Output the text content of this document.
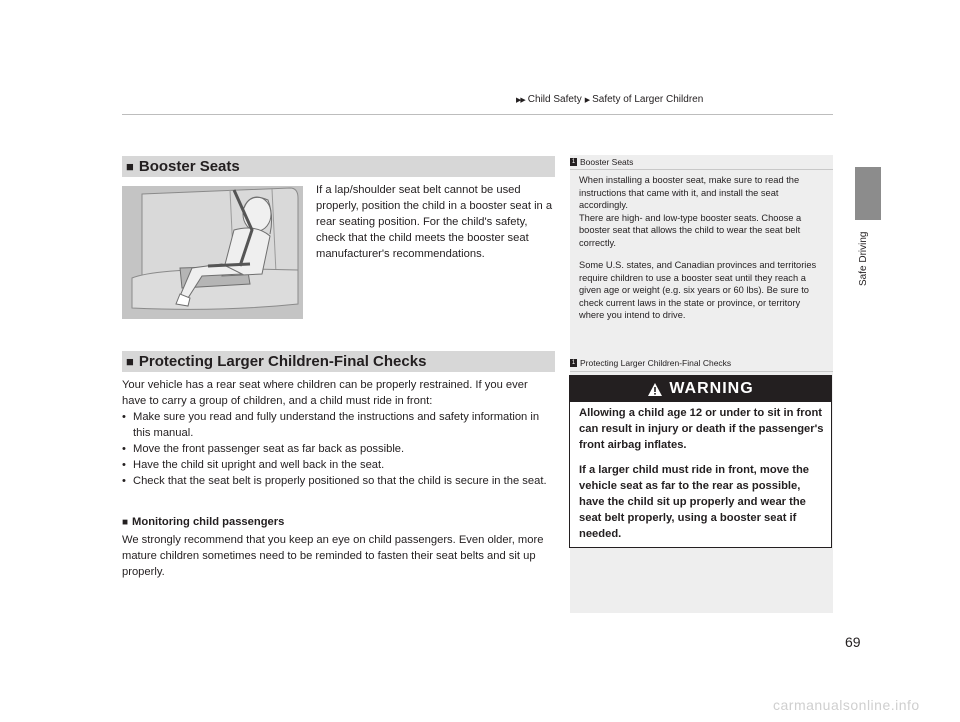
▶▶ Child Safety ▶ Safety of Larger Children
Safe Driving
■ Booster Seats
If a lap/shoulder seat belt cannot be used properly, position the child in a booster seat in a rear seating position. For the child's safety, check that the child meets the booster seat manufacturer's recommendations.
■ Protecting Larger Children-Final Checks
Your vehicle has a rear seat where children can be properly restrained. If you ever have to carry a group of children, and a child must ride in front:
• Make sure you read and fully understand the instructions and safety information in this manual.
• Move the front passenger seat as far back as possible.
• Have the child sit upright and well back in the seat.
• Check that the seat belt is properly positioned so that the child is secure in the seat.
■ Monitoring child passengers
We strongly recommend that you keep an eye on child passengers. Even older, more mature children sometimes need to be reminded to fasten their seat belts and sit up properly.
1 Booster Seats

When installing a booster seat, make sure to read the instructions that came with it, and install the seat accordingly.
There are high- and low-type booster seats. Choose a booster seat that allows the child to wear the seat belt correctly.

Some U.S. states, and Canadian provinces and territories require children to use a booster seat until they reach a given age or weight (e.g. six years or 60 lbs). Be sure to check current laws in the state or province, or territory where you intend to drive.

1 Protecting Larger Children-Final Checks
WARNING

Allowing a child age 12 or under to sit in front can result in injury or death if the passenger's front airbag inflates.

If a larger child must ride in front, move the vehicle seat as far to the rear as possible, have the child sit up properly and wear the seat belt properly, using a booster seat if needed.

69
carmanualsonline.info
